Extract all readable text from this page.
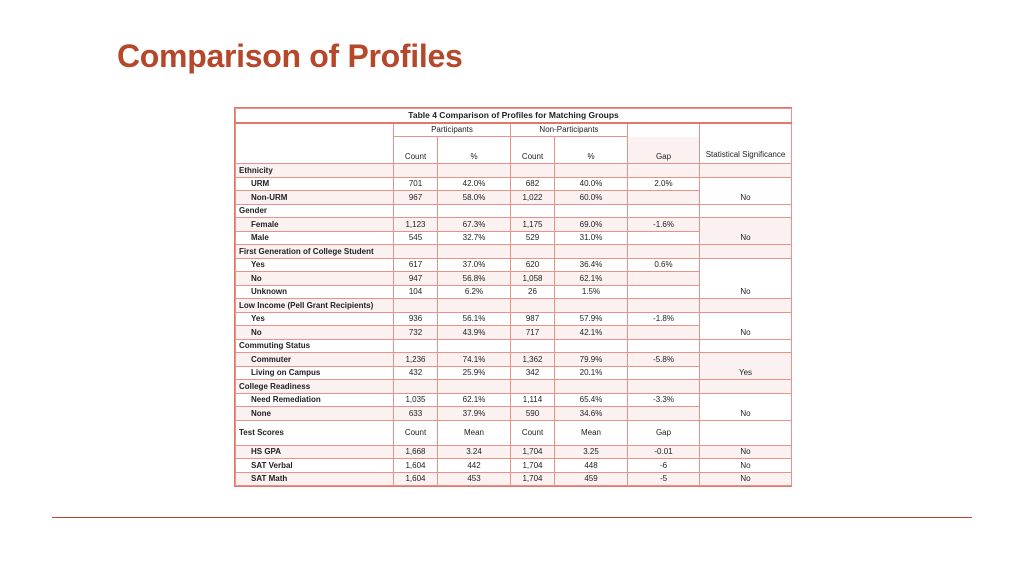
Comparison of Profiles
Table 4 Comparison of Profiles for Matching Groups						
	Participants		Non-Participants			
	Count	%	Count	%	Gap	Statistical Significance
Ethnicity						
URM	701	42.0%	682	40.0%	2.0%	No
Non-URM	967	58.0%	1,022	60.0%		
Gender						
Female	1,123	67.3%	1,175	69.0%	-1.6%	No
Male	545	32.7%	529	31.0%		
First Generation of College Student						
Yes	617	37.0%	620	36.4%	0.6%	No
No	947	56.8%	1,058	62.1%		
Unknown	104	6.2%	26	1.5%		
Low Income (Pell Grant Recipients)						
Yes	936	56.1%	987	57.9%	-1.8%	No
No	732	43.9%	717	42.1%		
Commuting Status						
Commuter	1,236	74.1%	1,362	79.9%	-5.8%	Yes
Living on Campus	432	25.9%	342	20.1%		
College Readiness						
Need Remediation	1,035	62.1%	1,114	65.4%	-3.3%	No
None	633	37.9%	590	34.6%		
Test Scores	Count	Mean	Count	Mean	Gap	
HS GPA	1,668	3.24	1,704	3.25	-0.01	No
SAT Verbal	1,604	442	1,704	448	-6	No
SAT Math	1,604	453	1,704	459	-5	No
